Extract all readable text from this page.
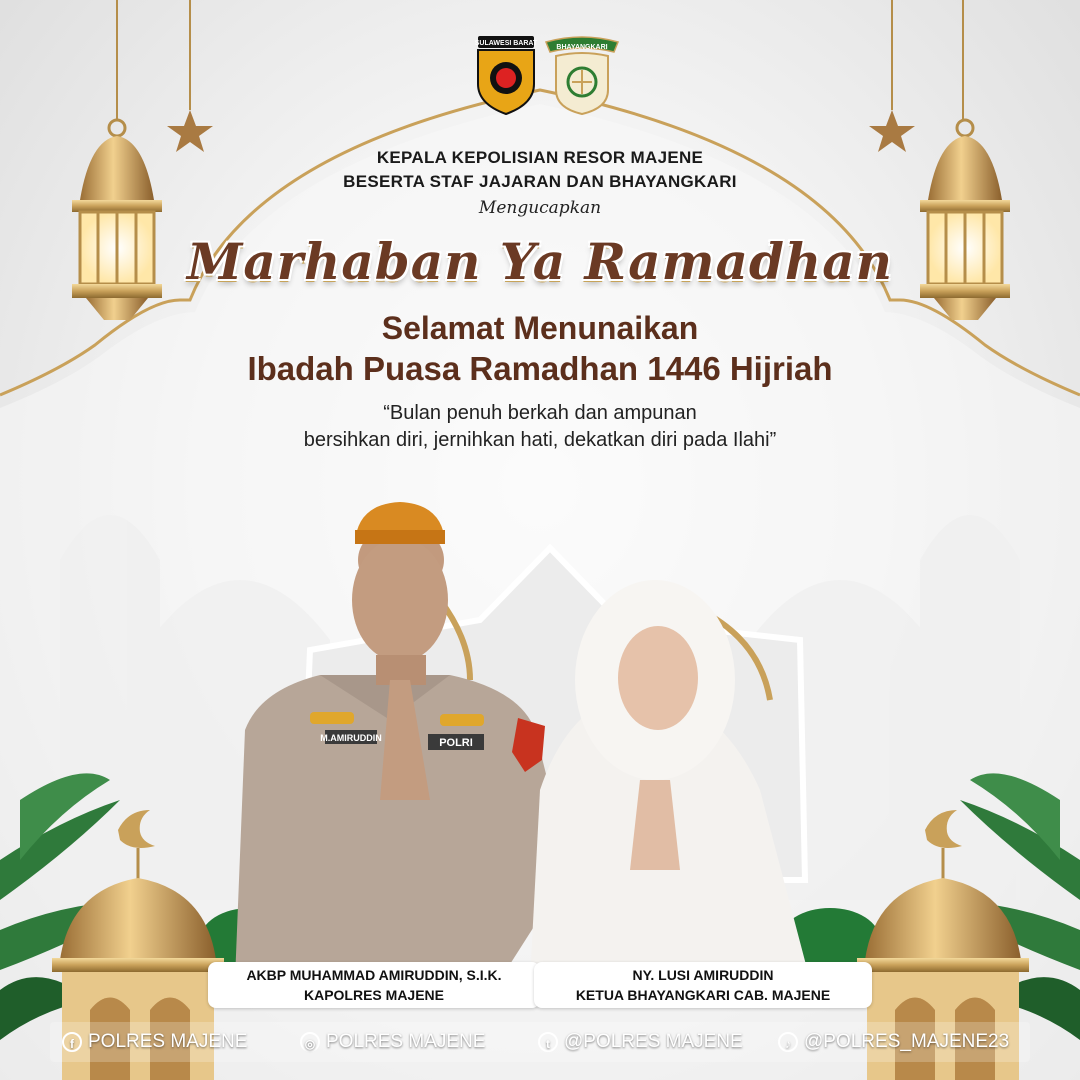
SULAWESI BARAT
BHAYANGKARI
KEPALA KEPOLISIAN RESOR MAJENE
BESERTA STAF JAJARAN DAN BHAYANGKARI
Mengucapkan
Marhaban Ya Ramadhan
Selamat Menunaikan
Ibadah Puasa Ramadhan 1446 Hijriah
“Bulan penuh berkah dan ampunan
bersihkan diri, jernihkan hati, dekatkan diri pada Ilahi”
M.AMIRUDDIN	POLRI
AKBP MUHAMMAD AMIRUDDIN, S.I.K.
KAPOLRES MAJENE
NY. LUSI AMIRUDDIN
KETUA BHAYANGKARI CAB. MAJENE
f POLRES MAJENE	◎ POLRES MAJENE	t @POLRES MAJENE	♪ @POLRES_MAJENE23
